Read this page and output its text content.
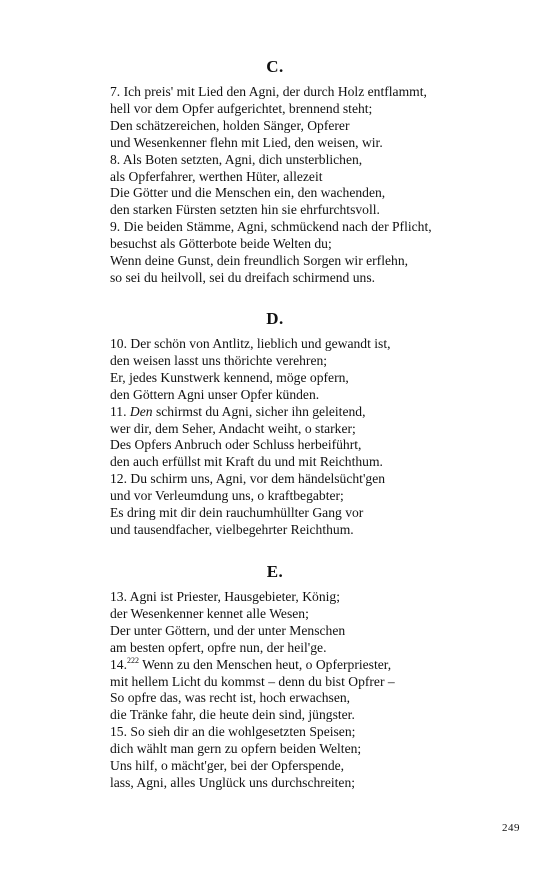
C.
7. Ich preis' mit Lied den Agni, der durch Holz entflammt,
hell vor dem Opfer aufgerichtet, brennend steht;
Den schätzereichen, holden Sänger, Opferer
und Wesenkenner flehn mit Lied, den weisen, wir.
8. Als Boten setzten, Agni, dich unsterblichen,
als Opferfahrer, werthen Hüter, allezeit
Die Götter und die Menschen ein, den wachenden,
den starken Fürsten setzten hin sie ehrfurchtsvoll.
9. Die beiden Stämme, Agni, schmückend nach der Pflicht,
besuchst als Götterbote beide Welten du;
Wenn deine Gunst, dein freundlich Sorgen wir erflehn,
so sei du heilvoll, sei du dreifach schirmend uns.
D.
10. Der schön von Antlitz, lieblich und gewandt ist,
den weisen lasst uns thörichte verehren;
Er, jedes Kunstwerk kennend, möge opfern,
den Göttern Agni unser Opfer künden.
11. Den schirmst du Agni, sicher ihn geleitend,
wer dir, dem Seher, Andacht weiht, o starker;
Des Opfers Anbruch oder Schluss herbeiführt,
den auch erfüllst mit Kraft du und mit Reichthum.
12. Du schirm uns, Agni, vor dem händelsücht'gen
und vor Verleumdung uns, o kraftbegabter;
Es dring mit dir dein rauchumhüllter Gang vor
und tausendfacher, vielbegehrter Reichthum.
E.
13. Agni ist Priester, Hausgebieter, König;
der Wesenkenner kennet alle Wesen;
Der unter Göttern, und der unter Menschen
am besten opfert, opfre nun, der heil'ge.
14.$^{222}$ Wenn zu den Menschen heut, o Opferpriester,
mit hellem Licht du kommst – denn du bist Opfrer –
So opfre das, was recht ist, hoch erwachsen,
die Tränke fahr, die heute dein sind, jüngster.
15. So sieh dir an die wohlgesetzten Speisen;
dich wählt man gern zu opfern beiden Welten;
Uns hilf, o mächt'ger, bei der Opferspende,
lass, Agni, alles Unglück uns durchschreiten;
249
